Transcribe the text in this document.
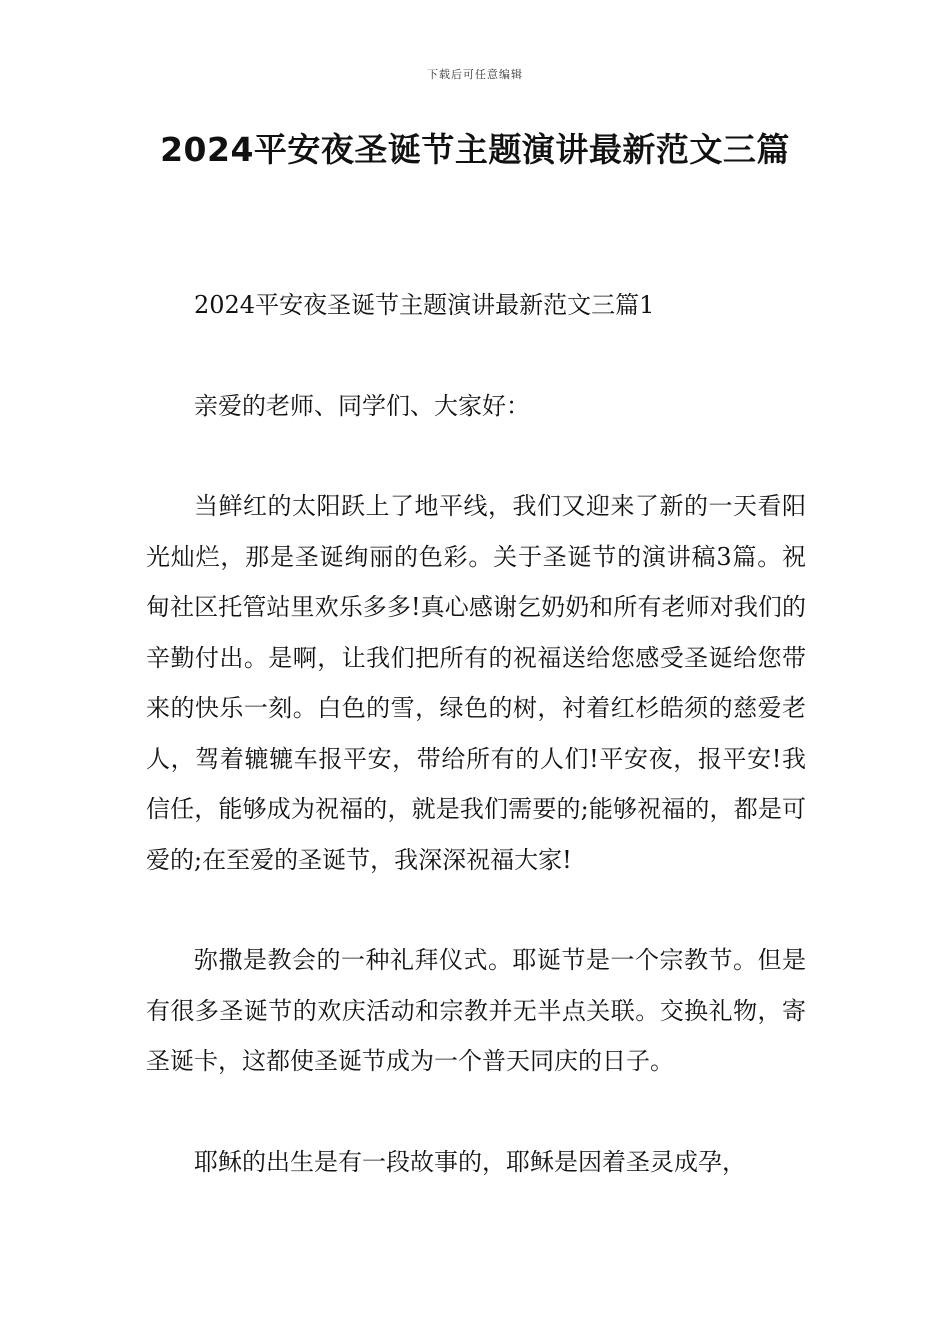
下载后可任意编辑
2024平安夜圣诞节主题演讲最新范文三篇

2024平安夜圣诞节主题演讲最新范文三篇1

亲爱的老师、同学们、大家好：

当鲜红的太阳跃上了地平线，我们又迎来了新的一天看阳光灿烂，那是圣诞绚丽的色彩。关于圣诞节的演讲稿3篇。祝甸社区托管站里欢乐多多!真心感谢乞奶奶和所有老师对我们的辛勤付出。是啊，让我们把所有的祝福送给您感受圣诞给您带来的快乐一刻。白色的雪，绿色的树，衬着红杉皓须的慈爱老人，驾着辘辘车报平安，带给所有的人们!平安夜，报平安!我信任，能够成为祝福的，就是我们需要的;能够祝福的，都是可爱的;在至爱的圣诞节，我深深祝福大家!

弥撒是教会的一种礼拜仪式。耶诞节是一个宗教节。但是有很多圣诞节的欢庆活动和宗教并无半点关联。交换礼物，寄圣诞卡，这都使圣诞节成为一个普天同庆的日子。

耶稣的出生是有一段故事的，耶稣是因着圣灵成孕，
